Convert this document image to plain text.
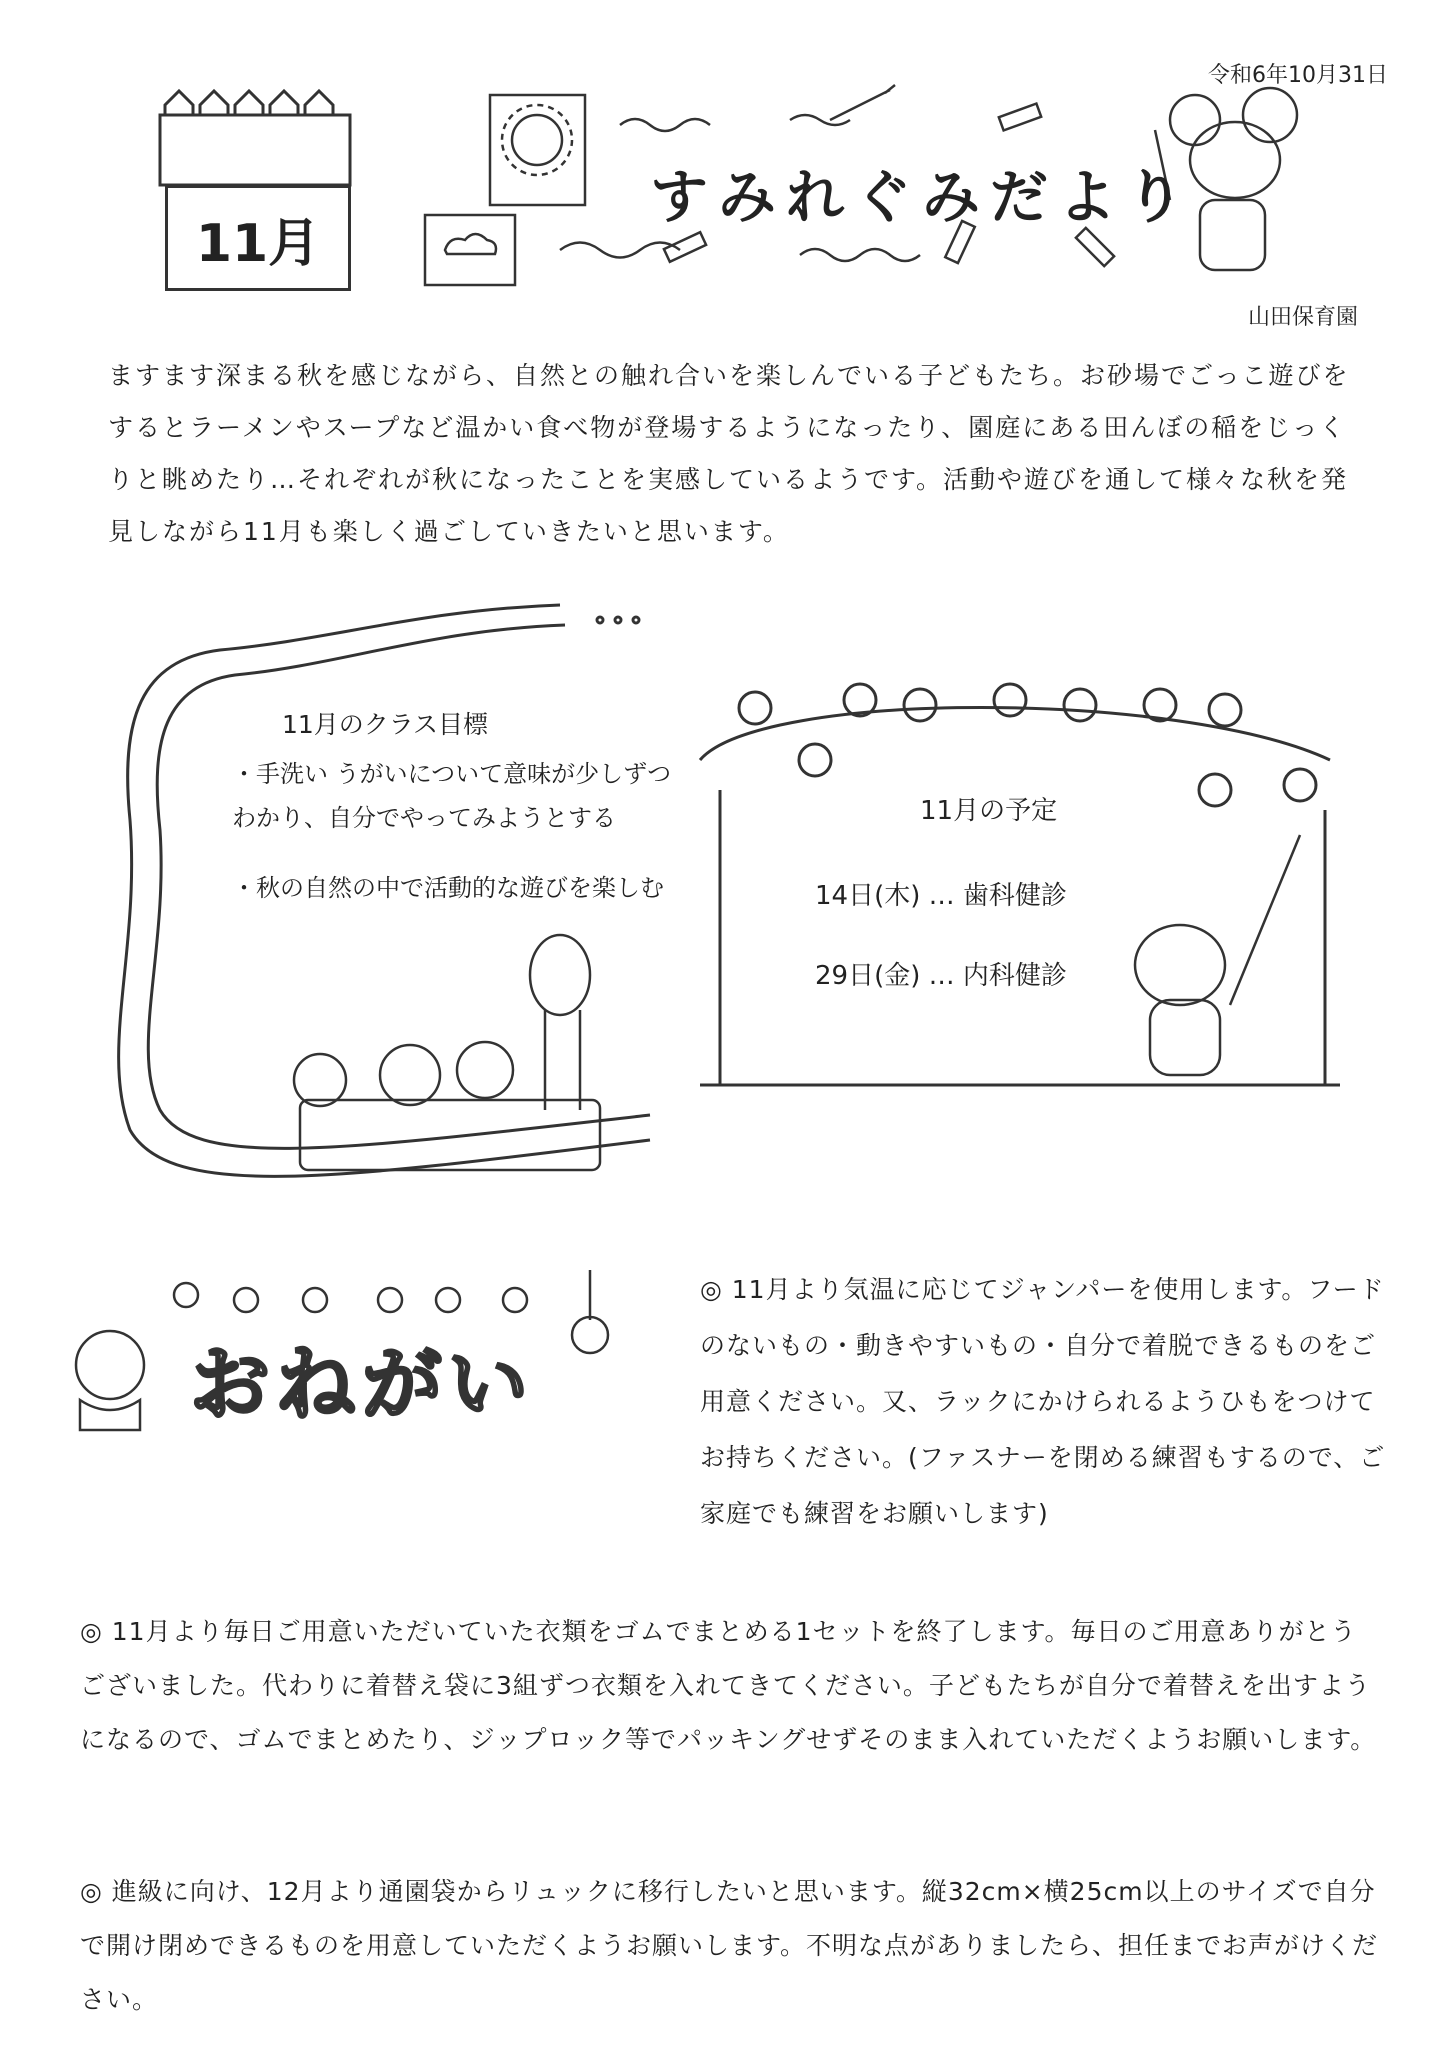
令和6年10月31日
11月
すみれぐみだより
山田保育園
ますます深まる秋を感じながら、自然との触れ合いを楽しんでいる子どもたち。お砂場でごっこ遊びをするとラーメンやスープなど温かい食べ物が登場するようになったり、園庭にある田んぼの稲をじっくりと眺めたり…それぞれが秋になったことを実感しているようです。活動や遊びを通して様々な秋を発見しながら11月も楽しく過ごしていきたいと思います。
11月のクラス目標
・手洗い うがいについて意味が少しずつわかり、自分でやってみようとする
・秋の自然の中で活動的な遊びを楽しむ
11月の予定
14日(木) … 歯科健診
29日(金) … 内科健診
おねがい
◎ 11月より気温に応じてジャンパーを使用します。フードのないもの・動きやすいもの・自分で着脱できるものをご用意ください。又、ラックにかけられるようひもをつけてお持ちください。(ファスナーを閉める練習もするので、ご家庭でも練習をお願いします)
◎ 11月より毎日ご用意いただいていた衣類をゴムでまとめる1セットを終了します。毎日のご用意ありがとうございました。代わりに着替え袋に3組ずつ衣類を入れてきてください。子どもたちが自分で着替えを出すようになるので、ゴムでまとめたり、ジップロック等でパッキングせずそのまま入れていただくようお願いします。
◎ 進級に向け、12月より通園袋からリュックに移行したいと思います。縦32cm×横25cm以上のサイズで自分で開け閉めできるものを用意していただくようお願いします。不明な点がありましたら、担任までお声がけください。
